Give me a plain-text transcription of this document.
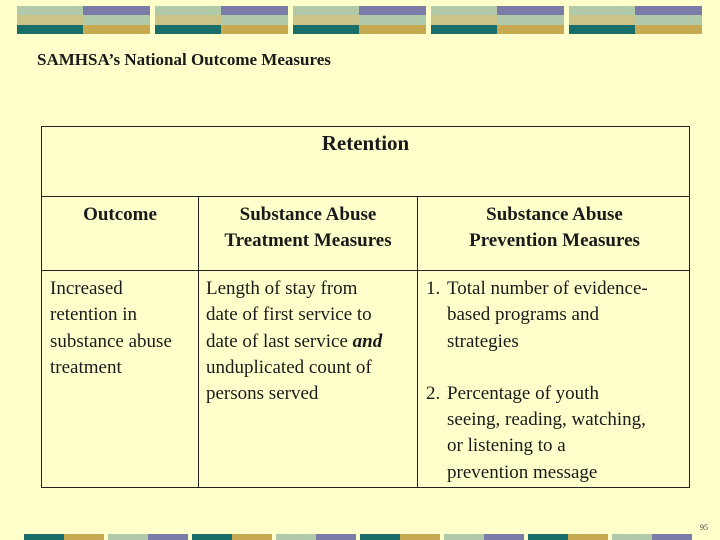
SAMHSA’s National Outcome Measures
Retention
Outcome	Substance Abuse
Treatment Measures
Substance Abuse
Prevention Measures

Increased

retention in

substance abuse

treatment

Length of stay from

date of first service to

date of last service and

unduplicated count of

persons served

1. Total number of evidence-

based programs and

strategies

2. Percentage of youth

seeing, reading, watching,

or listening to a

prevention message

95
